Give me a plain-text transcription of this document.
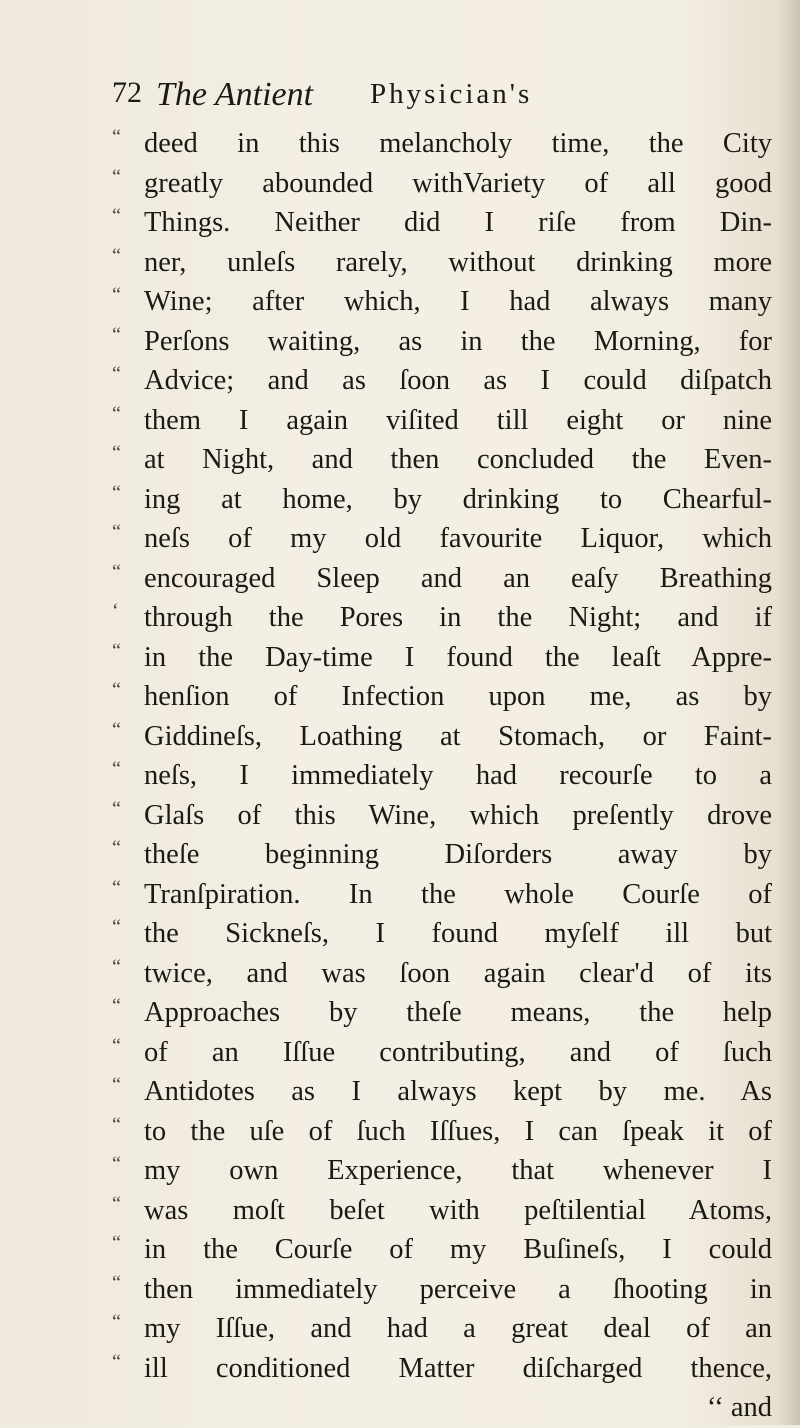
72 The Antient Physician's
“ deed in this melancholy time, the City
“ greatly abounded withVariety of all good
“ Things. Neither did I riſe from Din-
“ ner, unleſs rarely, without drinking more
“ Wine; after which, I had always many
“ Perſons waiting, as in the Morning, for
“ Advice; and as ſoon as I could diſpatch
“ them I again viſited till eight or nine
“ at Night, and then concluded the Even-
“ ing at home, by drinking to Chearful-
“ neſs of my old favourite Liquor, which
“ encouraged Sleep and an eaſy Breathing
‘ through the Pores in the Night; and if
“ in the Day-time I found the leaſt Appre-
“ henſion of Infection upon me, as by
“ Giddineſs, Loathing at Stomach, or Faint-
“ neſs, I immediately had recourſe to a
“ Glaſs of this Wine, which preſently drove
“ theſe beginning Diſorders away by
“ Tranſpiration. In the whole Courſe of
“ the Sickneſs, I found myſelf ill but
“ twice, and was ſoon again clear'd of its
“ Approaches by theſe means, the help
“ of an Iſſue contributing, and of ſuch
“ Antidotes as I always kept by me. As
“ to the uſe of ſuch Iſſues, I can ſpeak it of
“ my own Experience, that whenever I
“ was moſt beſet with peſtilential Atoms,
“ in the Courſe of my Buſineſs, I could
“ then immediately perceive a ſhooting in
“ my Iſſue, and had a great deal of an
“ ill conditioned Matter diſcharged thence,
‘‘ and
